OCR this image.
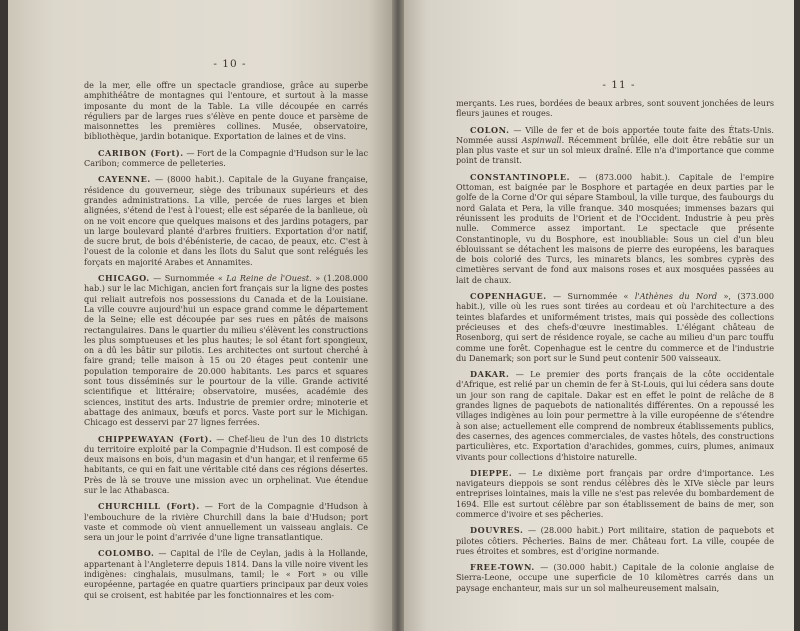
- 10 -

de la mer, elle offre un spectacle grandiose, grâce au superbe amphithéâtre de montagnes qui l'entoure, et surtout à la masse imposante du mont de la Table. La ville découpée en carrés réguliers par de larges rues s'élève en pente douce et parsème de maisonnettes les premières collines. Musée, observatoire, bibliothèque, jardin botanique. Exportation de laines et de vins.

CARIBON (Fort). — Fort de la Compagnie d'Hudson sur le lac Caribon; commerce de pelleteries.

CAYENNE. — (8000 habit.). Capitale de la Guyane française, résidence du gouverneur, siège des tribunaux supérieurs et des grandes administrations. La ville, percée de rues larges et bien alignées, s'étend de l'est à l'ouest; elle est séparée de la banlieue, où on ne voit encore que quelques maisons et des jardins potagers, par un large boulevard planté d'arbres fruitiers. Exportation d'or natif, de sucre brut, de bois d'ébénisterie, de cacao, de peaux, etc. C'est à l'ouest de la colonie et dans les îlots du Salut que sont relégués les forçats en majorité Arabes et Annamites.

CHICAGO. — Surnommée « La Reine de l'Ouest. » (1.208.000 hab.) sur le lac Michigan, ancien fort français sur la ligne des postes qui reliait autrefois nos possessions du Canada et de la Louisiane. La ville couvre aujourd'hui un espace grand comme le département de la Seine; elle est découpée par ses rues en pâtés de maisons rectangulaires. Dans le quartier du milieu s'élèvent les constructions les plus somptueuses et les plus hautes; le sol étant fort spongieux, on a dû les bâtir sur pilotis. Les architectes ont surtout cherché à faire grand; telle maison à 15 ou 20 étages peut contenir une population temporaire de 20.000 habitants. Les parcs et squares sont tous disséminés sur le pourtour de la ville. Grande activité scientifique et littéraire; observatoire, musées, académie des sciences, institut des arts. Industrie de premier ordre; minoterie et abattage des animaux, bœufs et porcs. Vaste port sur le Michigan. Chicago est desservi par 27 lignes ferrées.

CHIPPEWAYAN (Fort). — Chef-lieu de l'un des 10 districts du territoire exploité par la Compagnie d'Hudson. Il est composé de deux maisons en bois, d'un magasin et d'un hangar, et il renferme 65 habitants, ce qui en fait une véritable cité dans ces régions désertes. Près de là se trouve une mission avec un orphelinat. Vue étendue sur le lac Athabasca.

CHURCHILL (Fort). — Fort de la Compagnie d'Hudson à l'embouchure de la rivière Churchill dans la baie d'Hudson; port vaste et commode où vient annuellement un vaisseau anglais. Ce sera un jour le point d'arrivée d'une ligne transatlantique.

COLOMBO. — Capital de l'île de Ceylan, jadis à la Hollande, appartenant à l'Angleterre depuis 1814. Dans la ville noire vivent les indigènes: cinghalais, musulmans, tamil; le « Fort » ou ville européenne, partagée en quatre quartiers principaux par deux voies qui se croisent, est habitée par les fonctionnaires et les com-

- 11 -

merçants. Les rues, bordées de beaux arbres, sont souvent jonchées de leurs fleurs jaunes et rouges.

COLON. — Ville de fer et de bois apportée toute faite des États-Unis. Nommée aussi Aspinwall. Récemment brûlée, elle doit être rebâtie sur un plan plus vaste et sur un sol mieux draîné. Elle n'a d'importance que comme point de transit.

CONSTANTINOPLE. — (873.000 habit.). Capitale de l'empire Ottoman, est baignée par le Bosphore et partagée en deux parties par le golfe de la Corne d'Or qui sépare Stamboul, la ville turque, des faubourgs du nord Galata et Pera, la ville franque. 340 mosquées; immenses bazars qui réunissent les produits de l'Orient et de l'Occident. Industrie à peu près nulle. Commerce assez important. Le spectacle que présente Constantinople, vu du Bosphore, est inoubliable: Sous un ciel d'un bleu éblouissant se détachent les maisons de pierre des européens, les baraques de bois colorié des Turcs, les minarets blancs, les sombres cyprès des cimetières servant de fond aux maisons roses et aux mosquées passées au lait de chaux.

COPENHAGUE. — Surnommée « l'Athènes du Nord », (373.000 habit.), ville où les rues sont tirées au cordeau et où l'architecture a des teintes blafardes et uniformément tristes, mais qui possède des collections précieuses et des chefs-d'œuvre inestimables. L'élégant château de Rosenborg, qui sert de résidence royale, se cache au milieu d'un parc touffu comme une forêt. Copenhague est le centre du commerce et de l'industrie du Danemark; son port sur le Sund peut contenir 500 vaisseaux.

DAKAR. — Le premier des ports français de la côte occidentale d'Afrique, est relié par un chemin de fer à St-Louis, qui lui cédera sans doute un jour son rang de capitale. Dakar est en effet le point de relâche de 8 grandes lignes de paquebots de nationalités différentes. On a repoussé les villages indigènes au loin pour permettre à la ville européenne de s'étendre à son aise; actuellement elle comprend de nombreux établissements publics, des casernes, des agences commerciales, de vastes hôtels, des constructions particulières, etc. Exportation d'arachides, gommes, cuirs, plumes, animaux vivants pour collections d'histoire naturelle.

DIEPPE. — Le dixième port français par ordre d'importance. Les navigateurs dieppois se sont rendus célèbres dès le XIVe siècle par leurs entreprises lointaines, mais la ville ne s'est pas relevée du bombardement de 1694. Elle est surtout célèbre par son établissement de bains de mer, son commerce d'ivoire et ses pêcheries.

DOUVRES. — (28.000 habit.) Port militaire, station de paquebots et pilotes côtiers. Pêcheries. Bains de mer. Château fort. La ville, coupée de rues étroites et sombres, est d'origine normande.

FREE-TOWN. — (30.000 habit.) Capitale de la colonie anglaise de Sierra-Leone, occupe une superficie de 10 kilomètres carrés dans un paysage enchanteur, mais sur un sol malheureusement malsain,
